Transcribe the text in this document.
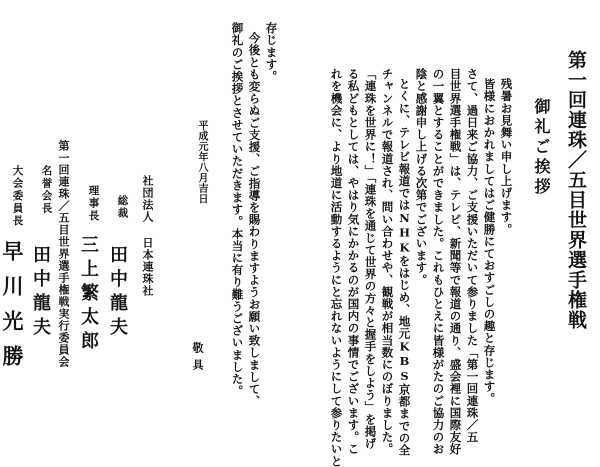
第一回連珠／五目世界選手権戦

御礼ご挨拶

残暑お見舞い申し上げます。

皆様におかれましてはご健勝にておすごしの趣と存じます。

さて、過日来ご協力、ご支援いただいて参りました「第一回連珠／五

目世界選手権戦」は、テレビ、新聞等で報道の通り、盛会裡に国際友好

の一翼とすることができました。これもひとえに皆様がたのご協力のお

陰と感謝申し上げる次第でございます。

とくに、テレビ報道ではNHKをはじめ、地元KBS京都までの全

チャンネルで報道され、問い合わせや、観戦が相当数にのぼりました。

「連珠を世界に！」「連珠を通じて世界の方々と握手をしよう」を掲げ

る私どもとしては、やはり気にかかるのが国内の事情でございます。こ

れを機会に、より地道に活動するようにと忘れないようにして参りたいと

存じます。

今後とも変らぬご支援、ご指導を賜わりますようお願い致しまして、

御礼のご挨拶とさせていただきます。本当に有り難うございました。

敬具

平成元年八月吉日

社団法人 日本連珠社

総裁

田中龍夫

理事長

三上繁太郎

第一回連珠／五目世界選手権戦実行委員会

名誉会長

田中龍夫

大会委員長

早川光勝
